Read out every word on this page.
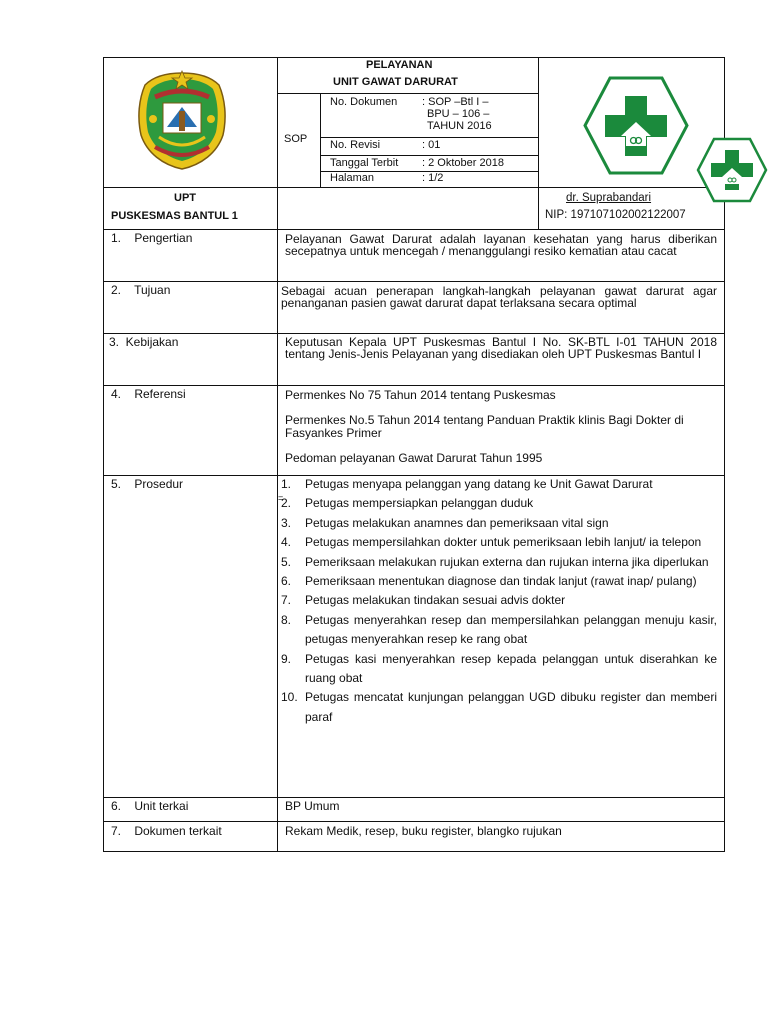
PELAYANAN
UNIT GAWAT DARURAT
SOP
No. Dokumen : SOP –Btl I –
BPU – 106 –
TAHUN 2016
No. Revisi	: 01
Tanggal Terbit : 2 Oktober 2018
Halaman	: 1/2
UPT
PUSKESMAS BANTUL 1
dr. Suprabandari
NIP: 197107102002122007
1.    Pengertian
2.    Tujuan
3.  Kebijakan
4.    Referensi
5.    Prosedur
6.    Unit terkai
7.    Dokumen terkait
Pelayanan Gawat Darurat adalah layanan kesehatan yang harus diberikan secepatnya untuk mencegah / menanggulangi resiko kematian atau cacat
Sebagai acuan penerapan langkah-langkah pelayanan gawat darurat agar penanganan pasien gawat darurat dapat terlaksana secara optimal
Keputusan Kepala UPT Puskesmas Bantul I No. SK-BTL I-01 TAHUN 2018 tentang Jenis-Jenis Pelayanan yang disediakan oleh UPT Puskesmas Bantul I
Permenkes No 75 Tahun 2014 tentang Puskesmas
Permenkes No.5 Tahun 2014 tentang Panduan Praktik klinis Bagi Dokter di Fasyankes Primer
Pedoman pelayanan Gawat Darurat Tahun 1995
=
1. Petugas menyapa pelanggan yang datang ke Unit Gawat Darurat
2. Petugas mempersiapkan pelanggan duduk
3. Petugas melakukan anamnes dan pemeriksaan vital sign
4. Petugas mempersilahkan dokter untuk pemeriksaan lebih lanjut/ ia telepon
5. Pemeriksaan melakukan rujukan externa dan rujukan interna jika diperlukan
6. Pemeriksaan menentukan diagnose dan tindak lanjut (rawat inap/ pulang)
7. Petugas melakukan tindakan sesuai advis dokter
8. Petugas menyerahkan resep dan mempersilahkan pelanggan menuju kasir, petugas menyerahkan resep ke rang obat
9. Petugas kasi menyerahkan resep kepada pelanggan untuk diserahkan ke ruang obat
10. Petugas mencatat kunjungan pelanggan UGD dibuku register dan memberi paraf
BP Umum
Rekam Medik, resep, buku register, blangko rujukan
